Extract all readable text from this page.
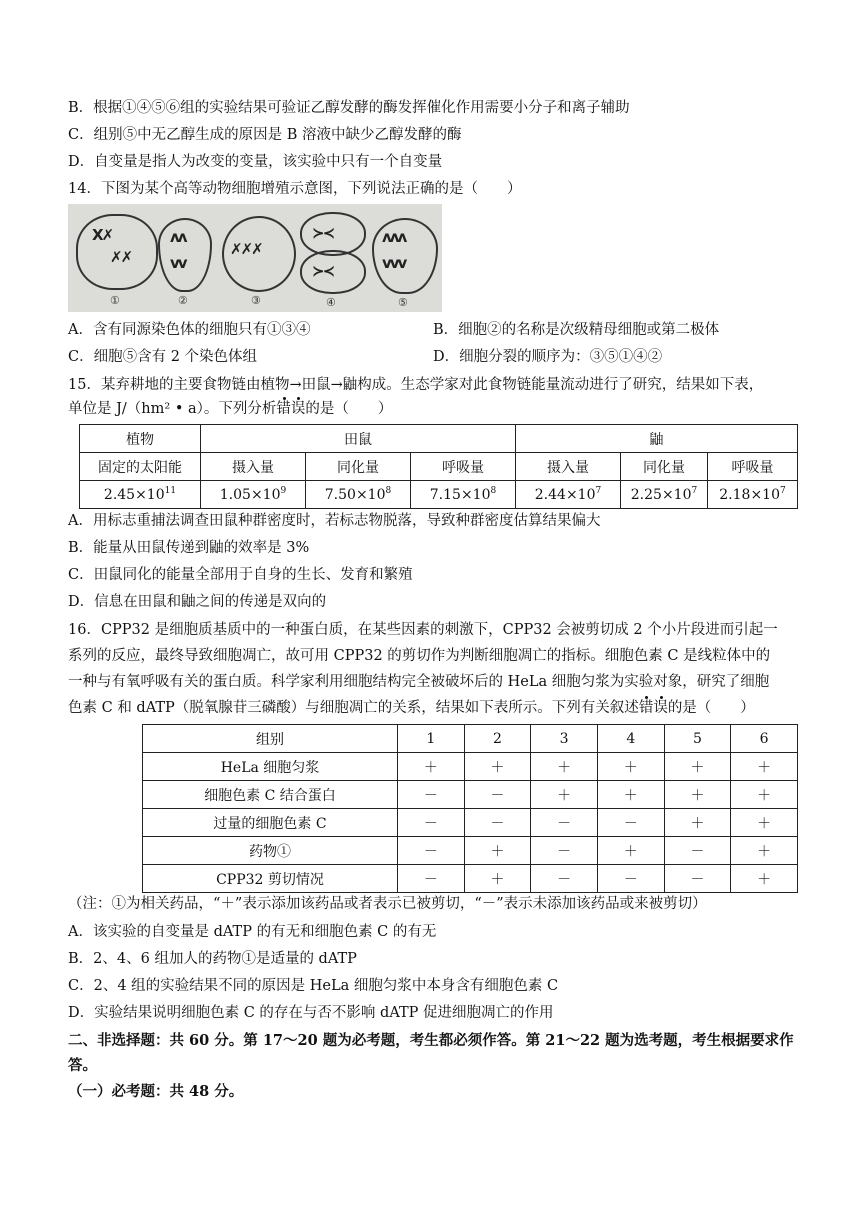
B．根据①④⑤⑥组的实验结果可验证乙醇发酵的酶发挥催化作用需要小分子和离子辅助
C．组别⑤中无乙醇生成的原因是 B 溶液中缺少乙醇发酵的酶
D．自变量是指人为改变的变量，该实验中只有一个自变量
14．下图为某个高等动物细胞增殖示意图，下列说法正确的是（　　）
X✗
✗✗
①
ʌʌ
vv
②
✗✗✗
③
≻≺
≻≺
④
ʌʌʌ
vvv
⑤
A．含有同源染色体的细胞只有①③④	B．细胞②的名称是次级精母细胞或第二极体
C．细胞⑤含有 2 个染色体组	D．细胞分裂的顺序为：③⑤①④②
15．某弃耕地的主要食物链由植物→田鼠→鼬构成。生态学家对此食物链能量流动进行了研究，结果如下表，
单位是 J/（hm² • a）。下列分析错误的是（　　）
植物	田鼠			鼬		
固定的太阳能	摄入量	同化量	呼吸量	摄入量	同化量	呼吸量
$2.45\times 10^{11}$	$1.05\times 10^9$	$7.50\times 10^8$	$7.15\times 10^8$	$2.44\times 10^7$	$2.25\times 10^7$	$2.18\times 10^7$
A．用标志重捕法调查田鼠种群密度时，若标志物脱落，导致种群密度估算结果偏大
B．能量从田鼠传递到鼬的效率是 3%
C．田鼠同化的能量全部用于自身的生长、发育和繁殖
D．信息在田鼠和鼬之间的传递是双向的
16．CPP32 是细胞质基质中的一种蛋白质，在某些因素的刺激下，CPP32 会被剪切成 2 个小片段进而引起一
系列的反应，最终导致细胞凋亡，故可用 CPP32 的剪切作为判断细胞凋亡的指标。细胞色素 C 是线粒体中的
一种与有氧呼吸有关的蛋白质。科学家利用细胞结构完全被破坏后的 HeLa 细胞匀浆为实验对象，研究了细胞
色素 C 和 dATP（脱氧腺苷三磷酸）与细胞凋亡的关系，结果如下表所示。下列有关叙述错误的是（　　）
组别	1	2	3	4	5	6
HeLa 细胞匀浆	＋	＋	＋	＋	＋	＋
细胞色素 C 结合蛋白	－	－	＋	＋	＋	＋
过量的细胞色素 C	－	－	－	－	＋	＋
药物①	－	＋	－	＋	－	＋
CPP32 剪切情况	－	＋	－	－	－	＋
（注：①为相关药品，“＋”表示添加该药品或者表示已被剪切，“－”表示未添加该药品或来被剪切）
A．该实验的自变量是 dATP 的有无和细胞色素 C 的有无
B．2、4、6 组加人的药物①是适量的 dATP
C．2、4 组的实验结果不同的原因是 HeLa 细胞匀浆中本身含有细胞色素 C
D．实验结果说明细胞色素 C 的存在与否不影响 dATP 促进细胞凋亡的作用
二、非选择题：共 60 分。第 17～20 题为必考题，考生都必须作答。第 21～22 题为选考题，考生根据要求作
答。
（一）必考题：共 48 分。
